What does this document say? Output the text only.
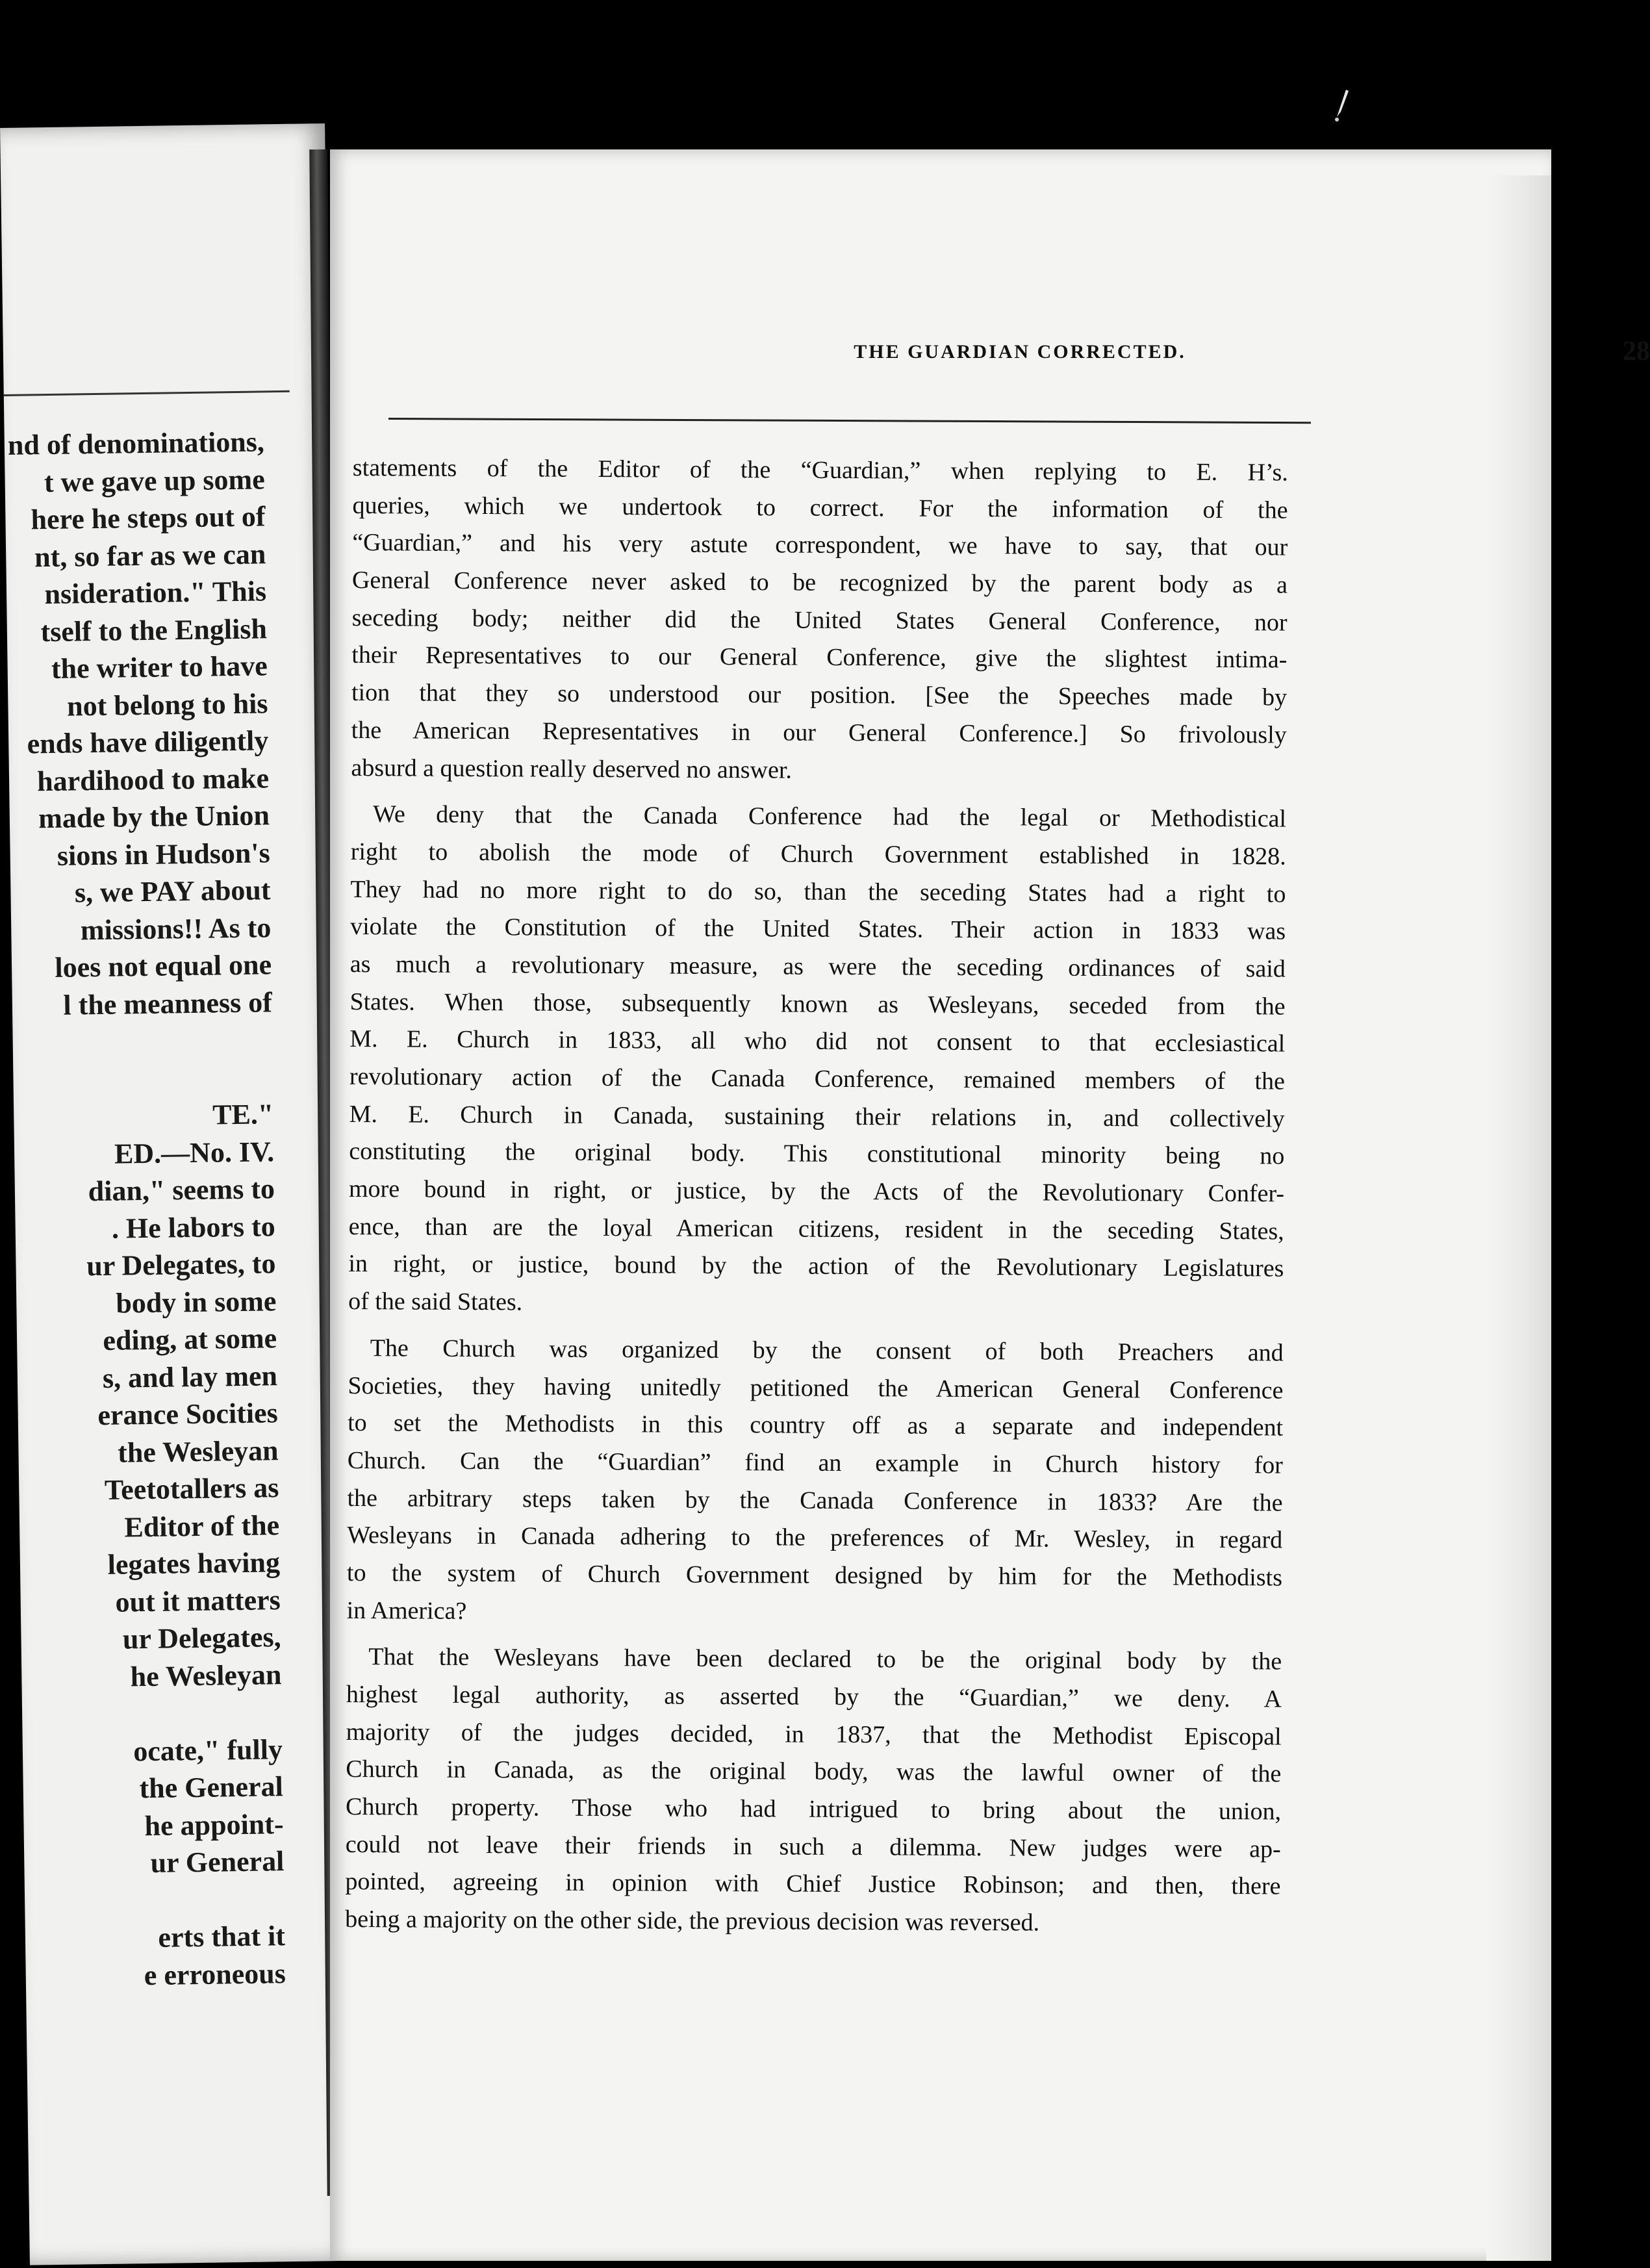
nd of denominations,
t we gave up some
here he steps out of
nt, so far as we can
nsideration." This
tself to the English
the writer to have
not belong to his
ends have diligently
hardihood to make
made by the Union
sions in Hudson's
s, we PAY about
missions!! As to
loes not equal one
l the meanness of
TE."
ED.—No. IV.
dian," seems to
. He labors to
ur Delegates, to
body in some
eding, at some
s, and lay men
erance Socities
the Wesleyan
Teetotallers as
Editor of the
legates having
out it matters
ur Delegates,
he Wesleyan
ocate," fully
the General
he appoint-
ur General
erts that it
e erroneous
THE GUARDIAN CORRECTED.	28
statements of the Editor of the “Guardian,” when replying to E. H’s.
queries, which we undertook to correct. For the information of the
“Guardian,” and his very astute correspondent, we have to say, that our
General Conference never asked to be recognized by the parent body as a
seceding body; neither did the United States General Conference, nor
their Representatives to our General Conference, give the slightest intima-
tion that they so understood our position. [See the Speeches made by
the American Representatives in our General Conference.] So frivolously
absurd a question really deserved no answer.
We deny that the Canada Conference had the legal or Methodistical
right to abolish the mode of Church Government established in 1828.
They had no more right to do so, than the seceding States had a right to
violate the Constitution of the United States. Their action in 1833 was
as much a revolutionary measure, as were the seceding ordinances of said
States. When those, subsequently known as Wesleyans, seceded from the
M. E. Church in 1833, all who did not consent to that ecclesiastical
revolutionary action of the Canada Conference, remained members of the
M. E. Church in Canada, sustaining their relations in, and collectively
constituting the original body. This constitutional minority being no
more bound in right, or justice, by the Acts of the Revolutionary Confer-
ence, than are the loyal American citizens, resident in the seceding States,
in right, or justice, bound by the action of the Revolutionary Legislatures
of the said States.
The Church was organized by the consent of both Preachers and
Societies, they having unitedly petitioned the American General Conference
to set the Methodists in this country off as a separate and independent
Church. Can the “Guardian” find an example in Church history for
the arbitrary steps taken by the Canada Conference in 1833? Are the
Wesleyans in Canada adhering to the preferences of Mr. Wesley, in regard
to the system of Church Government designed by him for the Methodists
in America?
That the Wesleyans have been declared to be the original body by the
highest legal authority, as asserted by the “Guardian,” we deny. A
majority of the judges decided, in 1837, that the Methodist Episcopal
Church in Canada, as the original body, was the lawful owner of the
Church property. Those who had intrigued to bring about the union,
could not leave their friends in such a dilemma. New judges were ap-
pointed, agreeing in opinion with Chief Justice Robinson; and then, there
being a majority on the other side, the previous decision was reversed.
